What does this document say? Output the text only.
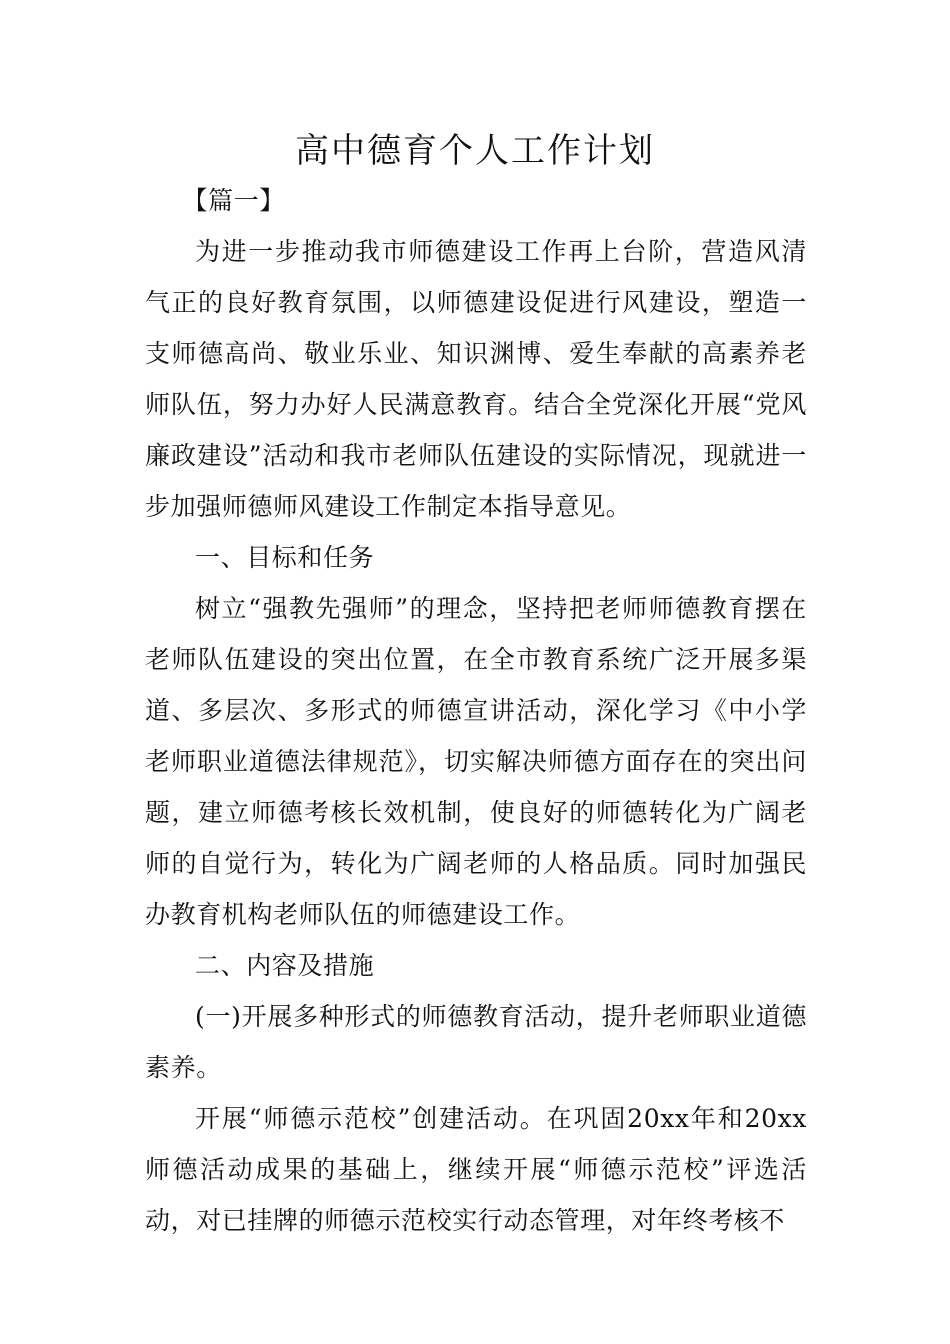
高中德育个人工作计划

【篇一】

为进一步推动我市师德建设工作再上台阶，营造风清气正的良好教育氛围，以师德建设促进行风建设，塑造一支师德高尚、敬业乐业、知识渊博、爱生奉献的高素养老师队伍，努力办好人民满意教育。结合全党深化开展“党风廉政建设”活动和我市老师队伍建设的实际情况，现就进一步加强师德师风建设工作制定本指导意见。

一、目标和任务

树立“强教先强师”的理念，坚持把老师师德教育摆在老师队伍建设的突出位置，在全市教育系统广泛开展多渠道、多层次、多形式的师德宣讲活动，深化学习《中小学老师职业道德法律规范》，切实解决师德方面存在的突出问题，建立师德考核长效机制，使良好的师德转化为广阔老师的自觉行为，转化为广阔老师的人格品质。同时加强民办教育机构老师队伍的师德建设工作。

二、内容及措施

(一)开展多种形式的师德教育活动，提升老师职业道德素养。

开展“师德示范校”创建活动。在巩固20xx年和20xx师德活动成果的基础上，继续开展“师德示范校”评选活动，对已挂牌的师德示范校实行动态管理，对年终考核不
